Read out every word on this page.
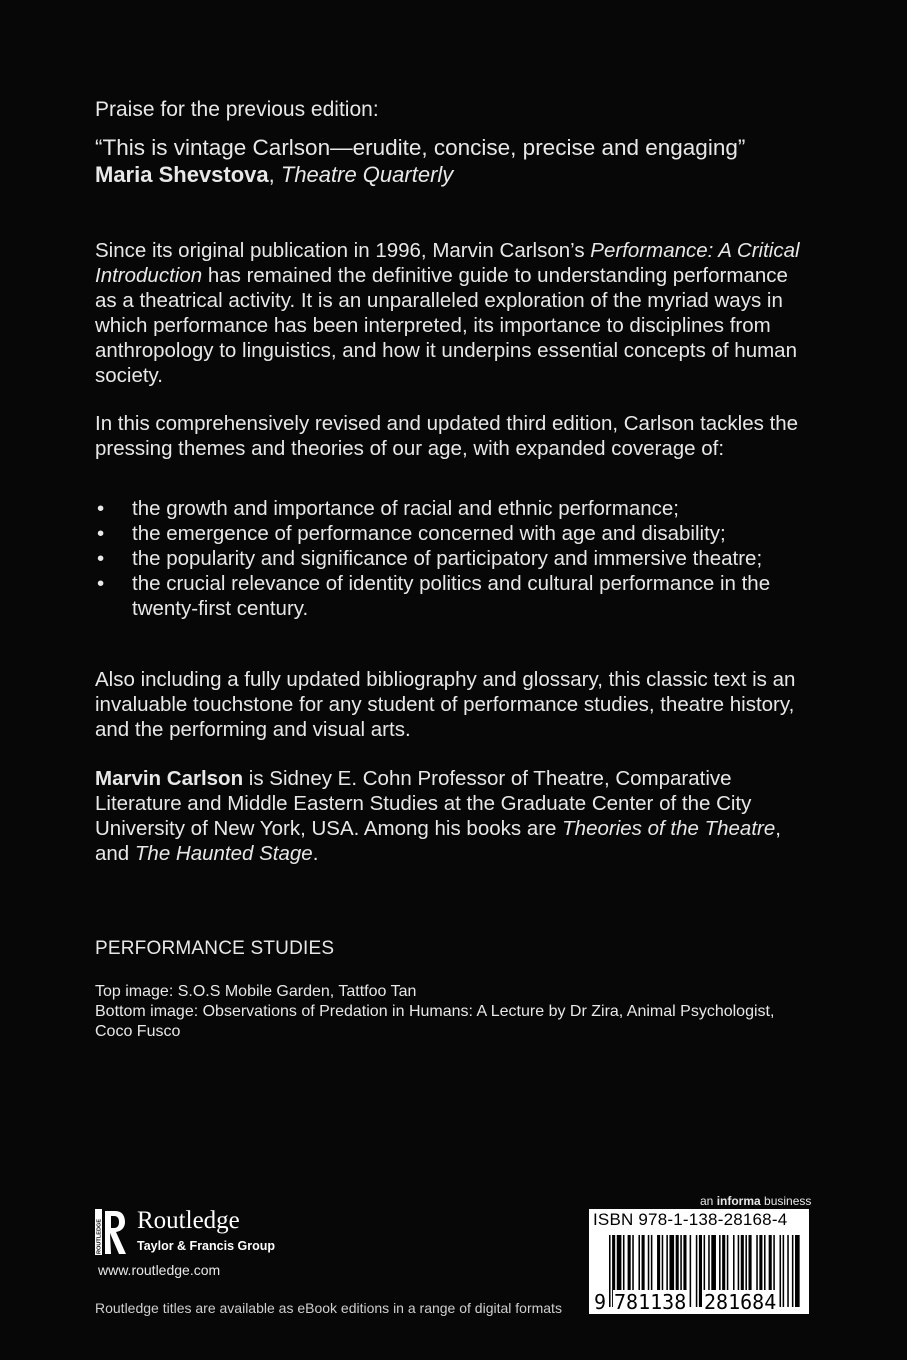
Praise for the previous edition:
“This is vintage Carlson—erudite, concise, precise and engaging”
Maria Shevstova, Theatre Quarterly

Since its original publication in 1996, Marvin Carlson’s Performance: A Critical Introduction has remained the definitive guide to understanding performance as a theatrical activity. It is an unparalleled exploration of the myriad ways in which performance has been interpreted, its importance to disciplines from anthropology to linguistics, and how it underpins essential concepts of human society.

In this comprehensively revised and updated third edition, Carlson tackles the pressing themes and theories of our age, with expanded coverage of:

• the growth and importance of racial and ethnic performance;
• the emergence of performance concerned with age and disability;
• the popularity and significance of participatory and immersive theatre;
• the crucial relevance of identity politics and cultural performance in the twenty-first century.

Also including a fully updated bibliography and glossary, this classic text is an invaluable touchstone for any student of performance studies, theatre history, and the performing and visual arts.

Marvin Carlson is Sidney E. Cohn Professor of Theatre, Comparative Literature and Middle Eastern Studies at the Graduate Center of the City University of New York, USA. Among his books are Theories of the Theatre, and The Haunted Stage.

PERFORMANCE STUDIES
Top image: S.O.S Mobile Garden, Tattfoo Tan
Bottom image: Observations of Predation in Humans: A Lecture by Dr Zira, Animal Psychologist, Coco Fusco
ROUTLEDGE Routledge
Taylor & Francis Group
www.routledge.com
Routledge titles are available as eBook editions in a range of digital formats
an informa business
ISBN 978-1-138-28168-4
9 781138 281684
